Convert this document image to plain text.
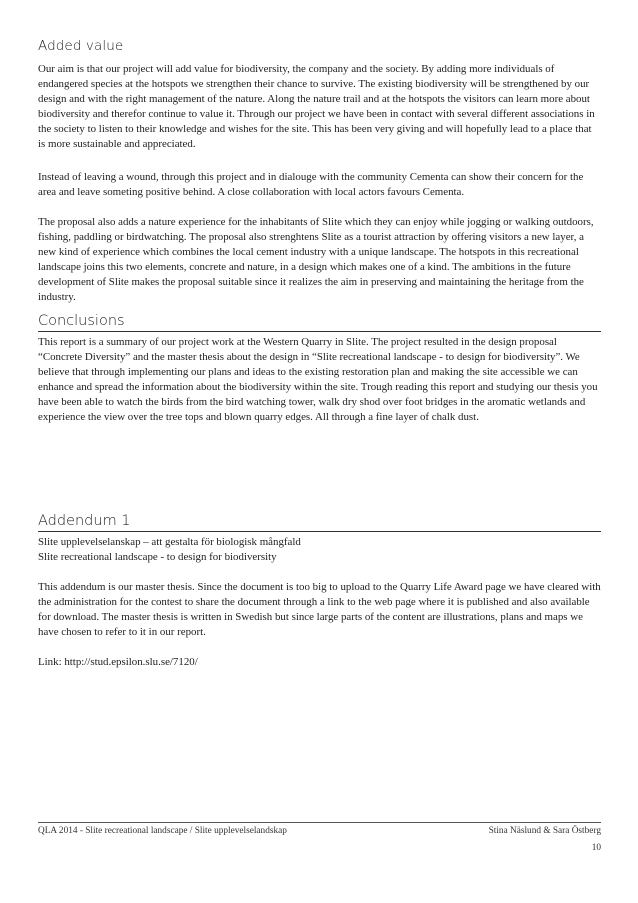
Added value

Our aim is that our project will add value for biodiversity, the company and the society. By adding more individuals of endangered species at the hotspots we strengthen their chance to survive. The existing biodiversity will be strengthened by our design and with the right management of the nature. Along the nature trail and at the hotspots the visitors can learn more about biodiversity and therefor continue to value it. Through our project we have been in contact with several different associations in the society to listen to their knowledge and wishes for the site. This has been very giving and will hopefully lead to a place that is more sustainable and appreciated.

Instead of leaving a wound, through this project and in dialouge with the community Cementa can show their concern for the area and leave someting positive behind. A close collaboration with local actors favours Cementa.

The proposal also adds a nature experience for the inhabitants of Slite which they can enjoy while jogging or walking outdoors, fishing, paddling or birdwatching. The proposal also strenghtens Slite as a tourist attraction by offering visitors a new layer, a new kind of experience which combines the local cement industry with a unique landscape. The hotspots in this recreational landscape joins this two elements, concrete and nature, in a design which makes one of a kind. The ambitions in the future development of Slite makes the proposal suitable since it realizes the aim in preserving and maintaining the heritage from the industry.

Conclusions

This report is a summary of our project work at the Western Quarry in Slite. The project resulted in the design proposal “Concrete Diversity” and the master thesis about the design in “Slite recreational landscape - to design for biodiversity”. We believe that through implementing our plans and ideas to the existing restoration plan and making the site accessible we can enhance and spread the information about the biodiversity within the site. Trough reading this report and studying our thesis you have been able to watch the birds from the bird watching tower, walk dry shod over foot bridges in the aromatic wetlands and experience the view over the tree tops and blown quarry edges. All through a fine layer of chalk dust.

Addendum 1

Slite upplevelselanskap – att gestalta för biologisk mångfald

Slite recreational landscape - to design for biodiversity

This addendum is our master thesis. Since the document is too big to upload to the Quarry Life Award page we have cleared with the administration for the contest to share the document through a link to the web page where it is published and also available for download. The master thesis is written in Swedish but since large parts of the content are illustrations, plans and maps we have chosen to refer to it in our report.

Link: http://stud.epsilon.slu.se/7120/

QLA 2014 - Slite recreational landscape / Slite upplevelselandskap	Stina Näslund & Sara Östberg

10
